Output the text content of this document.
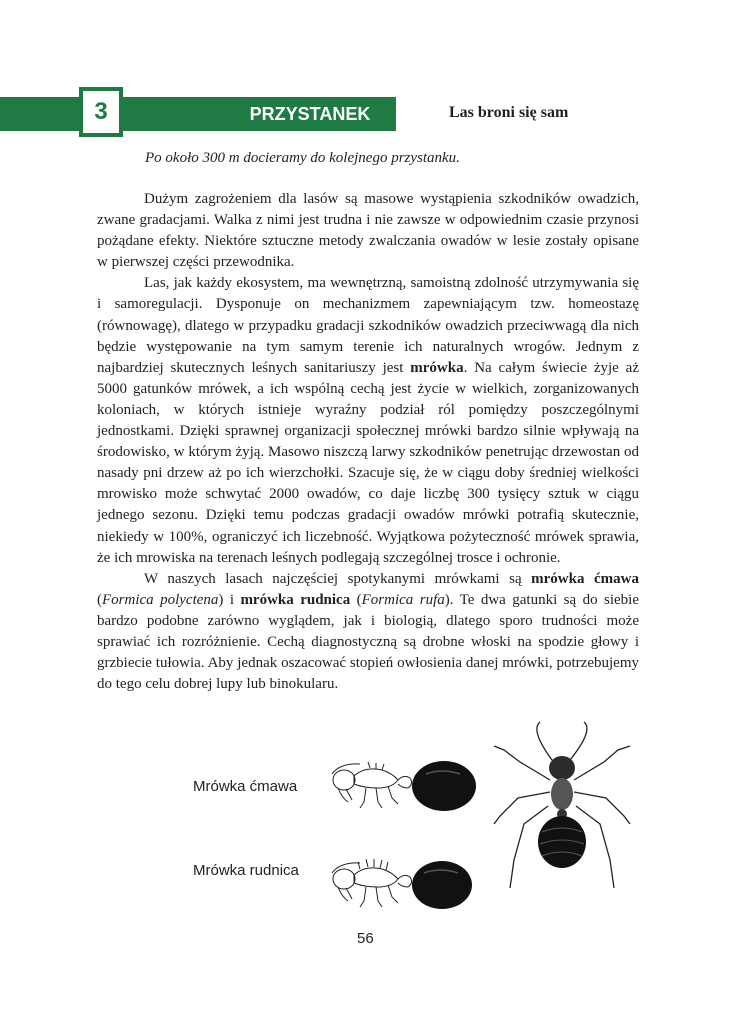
3	PRZYSTANEK	Las broni się sam
Po około 300 m docieramy do kolejnego przystanku.

Dużym zagrożeniem dla lasów są masowe wystąpienia szkodników owadzich, zwane gradacjami. Walka z nimi jest trudna i nie zawsze w odpowiednim czasie przynosi pożądane efekty. Niektóre sztuczne metody zwalczania owadów w lesie zostały opisane w pierwszej części przewodnika.

Las, jak każdy ekosystem, ma wewnętrzną, samoistną zdolność utrzymywania się i samoregulacji. Dysponuje on mechanizmem zapewniającym tzw. homeostazę (równowagę), dlatego w przypadku gradacji szkodników owadzich przeciwwagą dla nich będzie występowanie na tym samym terenie ich naturalnych wrogów. Jednym z najbardziej skutecznych leśnych sanitariuszy jest mrówka. Na całym świecie żyje aż 5000 gatunków mrówek, a ich wspólną cechą jest życie w wielkich, zorganizowanych koloniach, w których istnieje wyraźny podział ról pomiędzy poszczególnymi jednostkami. Dzięki sprawnej organizacji społecznej mrówki bardzo silnie wpływają na środowisko, w którym żyją. Masowo niszczą larwy szkodników penetrując drzewostan od nasady pni drzew aż po ich wierzchołki. Szacuje się, że w ciągu doby średniej wielkości mrowisko może schwytać 2000 owadów, co daje liczbę 300 tysięcy sztuk w ciągu jednego sezonu. Dzięki temu podczas gradacji owadów mrówki potrafią skutecznie, niekiedy w 100%, ograniczyć ich liczebność. Wyjątkowa pożyteczność mrówek sprawia, że ich mrowiska na terenach leśnych podlegają szczególnej trosce i ochronie.

W naszych lasach najczęściej spotykanymi mrówkami są mrówka ćmawa (Formica polyctena) i mrówka rudnica (Formica rufa). Te dwa gatunki są do siebie bardzo podobne zarówno wyglądem, jak i biologią, dlatego sporo trudności może sprawiać ich rozróżnienie. Cechą diagnostyczną są drobne włoski na spodzie głowy i grzbiecie tułowia. Aby jednak oszacować stopień owłosienia danej mrówki, potrzebujemy do tego celu dobrej lupy lub binokularu.

Mrówka ćmawa
Mrówka rudnica
56
